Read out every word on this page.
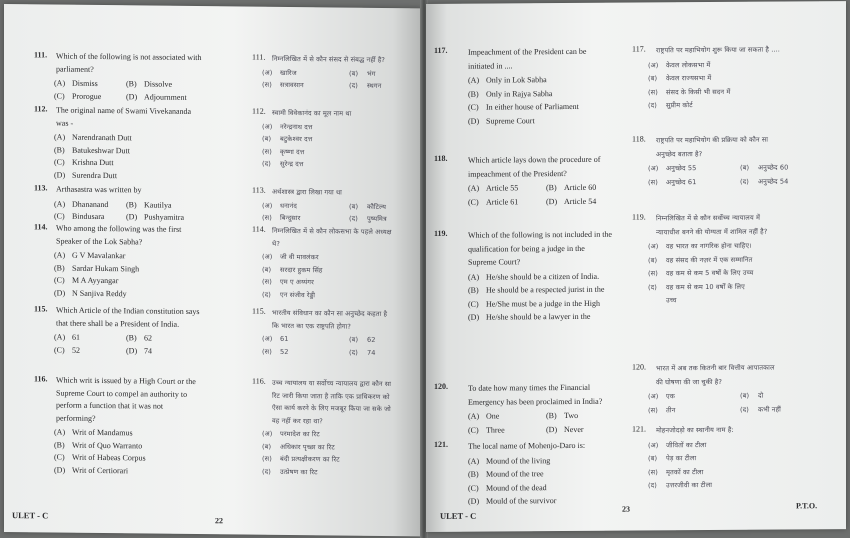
111. Which of the following is not associated with
parliament?
(A) Dismiss	(B) Dissolve
(C) Prorogue	(D) Adjournment
112. The original name of Swami Vivekananda
was -
(A) Narendranath Dutt
(B) Batukeshwar Dutt
(C) Krishna Dutt
(D) Surendra Dutt
113. Arthasastra was written by
(A) Dhananand (B) Kautilya
(C) Bindusara	(D) Pushyamitra
114. Who among the following was the first
Speaker of the Lok Sabha?
(A) G V Mavalankar
(B) Sardar Hukam Singh
(C) M A Ayyangar
(D) N Sanjiva Reddy
115. Which Article of the Indian constitution says
that there shall be a President of India.
(A) 61	(B) 62
(C) 52	(D) 74
116. Which writ is issued by a High Court or the
Supreme Court to compel an authority to
perform a function that it was not
performing?
(A) Writ of Mandamus
(B) Writ of Quo Warranto
(C) Writ of Habeas Corpus
(D) Writ of Certiorari
111. निम्नलिखित में से कौन संसद से संबद्ध नहीं है?
(अ) खारिज	(ब) भंग
(स) सत्रावसान	(द) स्थगन
112. स्वामी विवेकानंद का मूल नाम था
(अ) नरेन्द्रनाथ दत्त
(ब) बटुकेश्वर दत्त
(स) कृष्णा दत्त
(द) सुरेन्द्र दत्त
113. अर्थशास्त्र द्वारा लिखा गया था
(अ) धनानंद	(ब) कौटिल्य
(स) बिन्दुसार	(द) पुष्यमित्र
114. निम्नलिखित में से कौन लोकसभा के पहले अध्यक्ष
थे?
(अ) जी वी मावलंकर
(ब) सरदार हुकम सिंह
(स) एम ए अय्यंगर
(द) एन संजीव रेड्डी
115. भारतीय संविधान का कौन सा अनुच्छेद कहता है
कि भारत का एक राष्ट्रपति होगा?
(अ) 61	(ब) 62
(स) 52	(द) 74
116. उच्च न्यायालय या सर्वोच्च न्यायालय द्वारा कौन सा
रिट जारी किया जाता है ताकि एक प्राधिकरण को
ऐसा कार्य करने के लिए मजबूर किया जा सके जो
वह नहीं कर रहा था?
(अ) परमादेश का रिट
(ब) अधिकार पृच्छा का रिट
(स) बंदी प्रत्यक्षीकरण का रिट
(द) उत्प्रेषण का रिट
ULET - C
22
117.	Impeachment of the President can be
initiated in ....
(A) Only in Lok Sabha
(B) Only in Rajya Sabha
(C) In either house of Parliament
(D) Supreme Court
118.	Which article lays down the procedure of
impeachment of the President?
(A) Article 55	(B) Article 60
(C) Article 61	(D) Article 54
119.	Which of the following is not included in the
qualification for being a judge in the
Supreme Court?
(A) He/she should be a citizen of India.
(B) He should be a respected jurist in the
(C) He/She must be a judge in the High
(D) He/she should be a lawyer in the
120.	To date how many times the Financial
Emergency has been proclaimed in India?
(A) One	(B) Two
(C) Three	(D) Never
121.	The local name of Mohenjo-Daro is:
(A) Mound of the living
(B) Mound of the tree
(C) Mound of the dead
(D) Mould of the survivor
117. राष्ट्रपति पर महाभियोग शुरू किया जा सकता है ....
(अ) केवल लोकसभा में
(ब) केवल राज्यसभा में
(स) संसद के किसी भी सदन में
(द) सुप्रीम कोर्ट
118. राष्ट्रपति पर महाभियोग की प्रक्रिया को कौन सा
अनुच्छेद बताता है?
(अ) अनुच्छेद 55	(ब) अनुच्छेद 60
(स) अनुच्छेद 61	(द) अनुच्छेद 54
119. निम्नलिखित में से कौन सर्वोच्च न्यायालय में
न्यायाधीश बनने की योग्यता में शामिल नहीं है?
(अ) वह भारत का नागरिक होना चाहिए।
(ब) वह संसद की नज़र में एक सम्मानित
(स) वह कम से कम 5 वर्षों के लिए उच्च
(द) वह कम से कम 10 वर्षों के लिए
उच्च
120. भारत में अब तक कितनी बार वित्तीय आपातकाल
की घोषणा की जा चुकी है?
(अ) एक	(ब) दो
(स) तीन	(द) कभी नहीं
121. मोहनजोदड़ो का स्थानीय नाम है:
(अ) जीवितों का टीला
(ब) पेड़ का टीला
(स) मृतकों का टीला
(द) उत्तरजीवी का टीला
ULET - C
23	P.T.O.
